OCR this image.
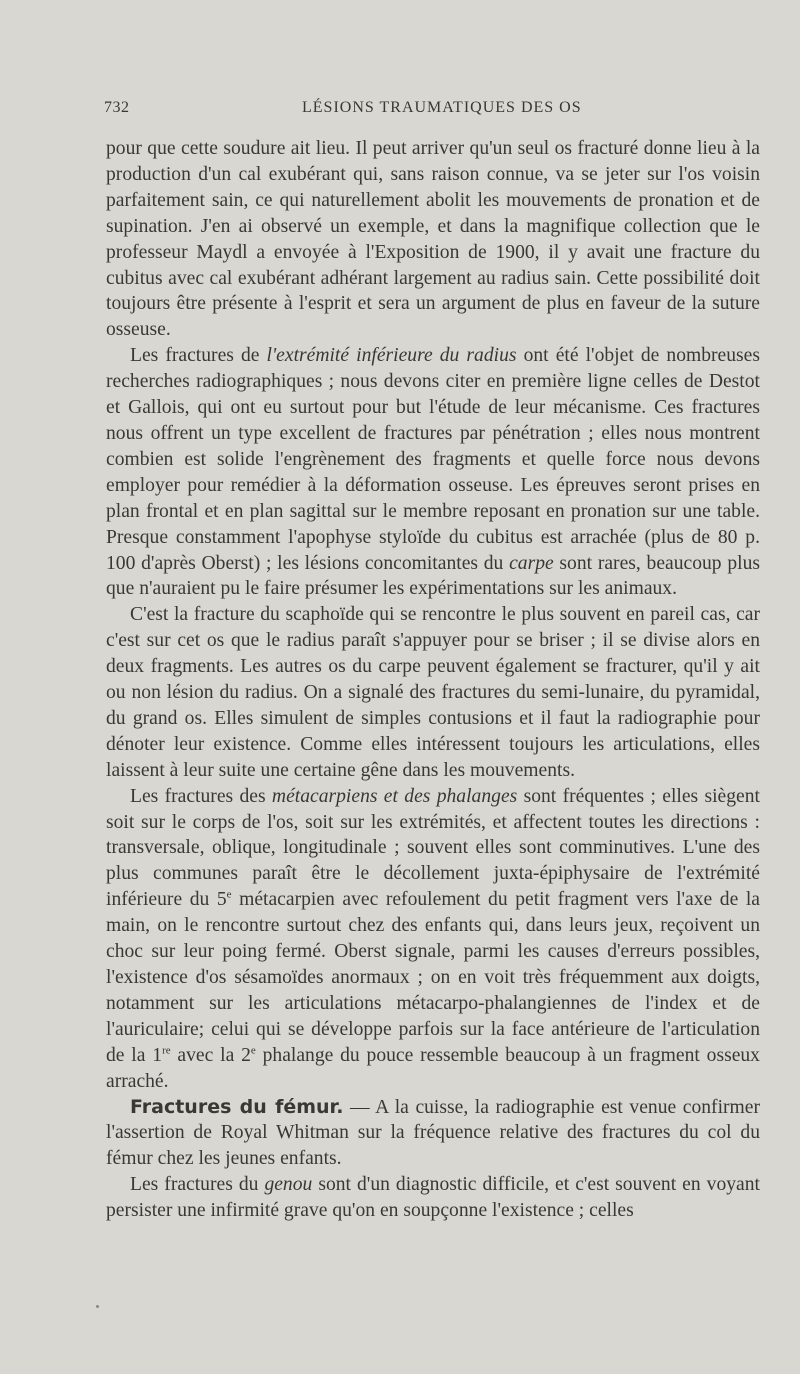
732	LÉSIONS TRAUMATIQUES DES OS

pour que cette soudure ait lieu. Il peut arriver qu'un seul os fracturé donne lieu à la production d'un cal exubérant qui, sans raison connue, va se jeter sur l'os voisin parfaitement sain, ce qui naturellement abolit les mouvements de pronation et de supination. J'en ai observé un exemple, et dans la magnifique collection que le professeur Maydl a envoyée à l'Exposition de 1900, il y avait une fracture du cubitus avec cal exubérant adhérant largement au radius sain. Cette possibilité doit toujours être présente à l'esprit et sera un argument de plus en faveur de la suture osseuse.

Les fractures de l'extrémité inférieure du radius ont été l'objet de nombreuses recherches radiographiques ; nous devons citer en première ligne celles de Destot et Gallois, qui ont eu surtout pour but l'étude de leur mécanisme. Ces fractures nous offrent un type excellent de fractures par pénétration ; elles nous montrent combien est solide l'engrènement des fragments et quelle force nous devons employer pour remédier à la déformation osseuse. Les épreuves seront prises en plan frontal et en plan sagittal sur le membre reposant en pronation sur une table. Presque constamment l'apophyse styloïde du cubitus est arrachée (plus de 80 p. 100 d'après Oberst) ; les lésions concomitantes du carpe sont rares, beaucoup plus que n'auraient pu le faire présumer les expérimentations sur les animaux.

C'est la fracture du scaphoïde qui se rencontre le plus souvent en pareil cas, car c'est sur cet os que le radius paraît s'appuyer pour se briser ; il se divise alors en deux fragments. Les autres os du carpe peuvent également se fracturer, qu'il y ait ou non lésion du radius. On a signalé des fractures du semi-lunaire, du pyramidal, du grand os. Elles simulent de simples contusions et il faut la radiographie pour dénoter leur existence. Comme elles intéressent toujours les articulations, elles laissent à leur suite une certaine gêne dans les mouvements.

Les fractures des métacarpiens et des phalanges sont fréquentes ; elles siègent soit sur le corps de l'os, soit sur les extrémités, et affectent toutes les directions : transversale, oblique, longitudinale ; souvent elles sont comminutives. L'une des plus communes paraît être le décollement juxta-épiphysaire de l'extrémité inférieure du 5e métacarpien avec refoulement du petit fragment vers l'axe de la main, on le rencontre surtout chez des enfants qui, dans leurs jeux, reçoivent un choc sur leur poing fermé. Oberst signale, parmi les causes d'erreurs possibles, l'existence d'os sésamoïdes anormaux ; on en voit très fréquemment aux doigts, notamment sur les articulations métacarpo-phalangiennes de l'index et de l'auriculaire; celui qui se développe parfois sur la face antérieure de l'articulation de la 1re avec la 2e phalange du pouce ressemble beaucoup à un fragment osseux arraché.

Fractures du fémur. — A la cuisse, la radiographie est venue confirmer l'assertion de Royal Whitman sur la fréquence relative des fractures du col du fémur chez les jeunes enfants.

Les fractures du genou sont d'un diagnostic difficile, et c'est souvent en voyant persister une infirmité grave qu'on en soupçonne l'existence ; celles
